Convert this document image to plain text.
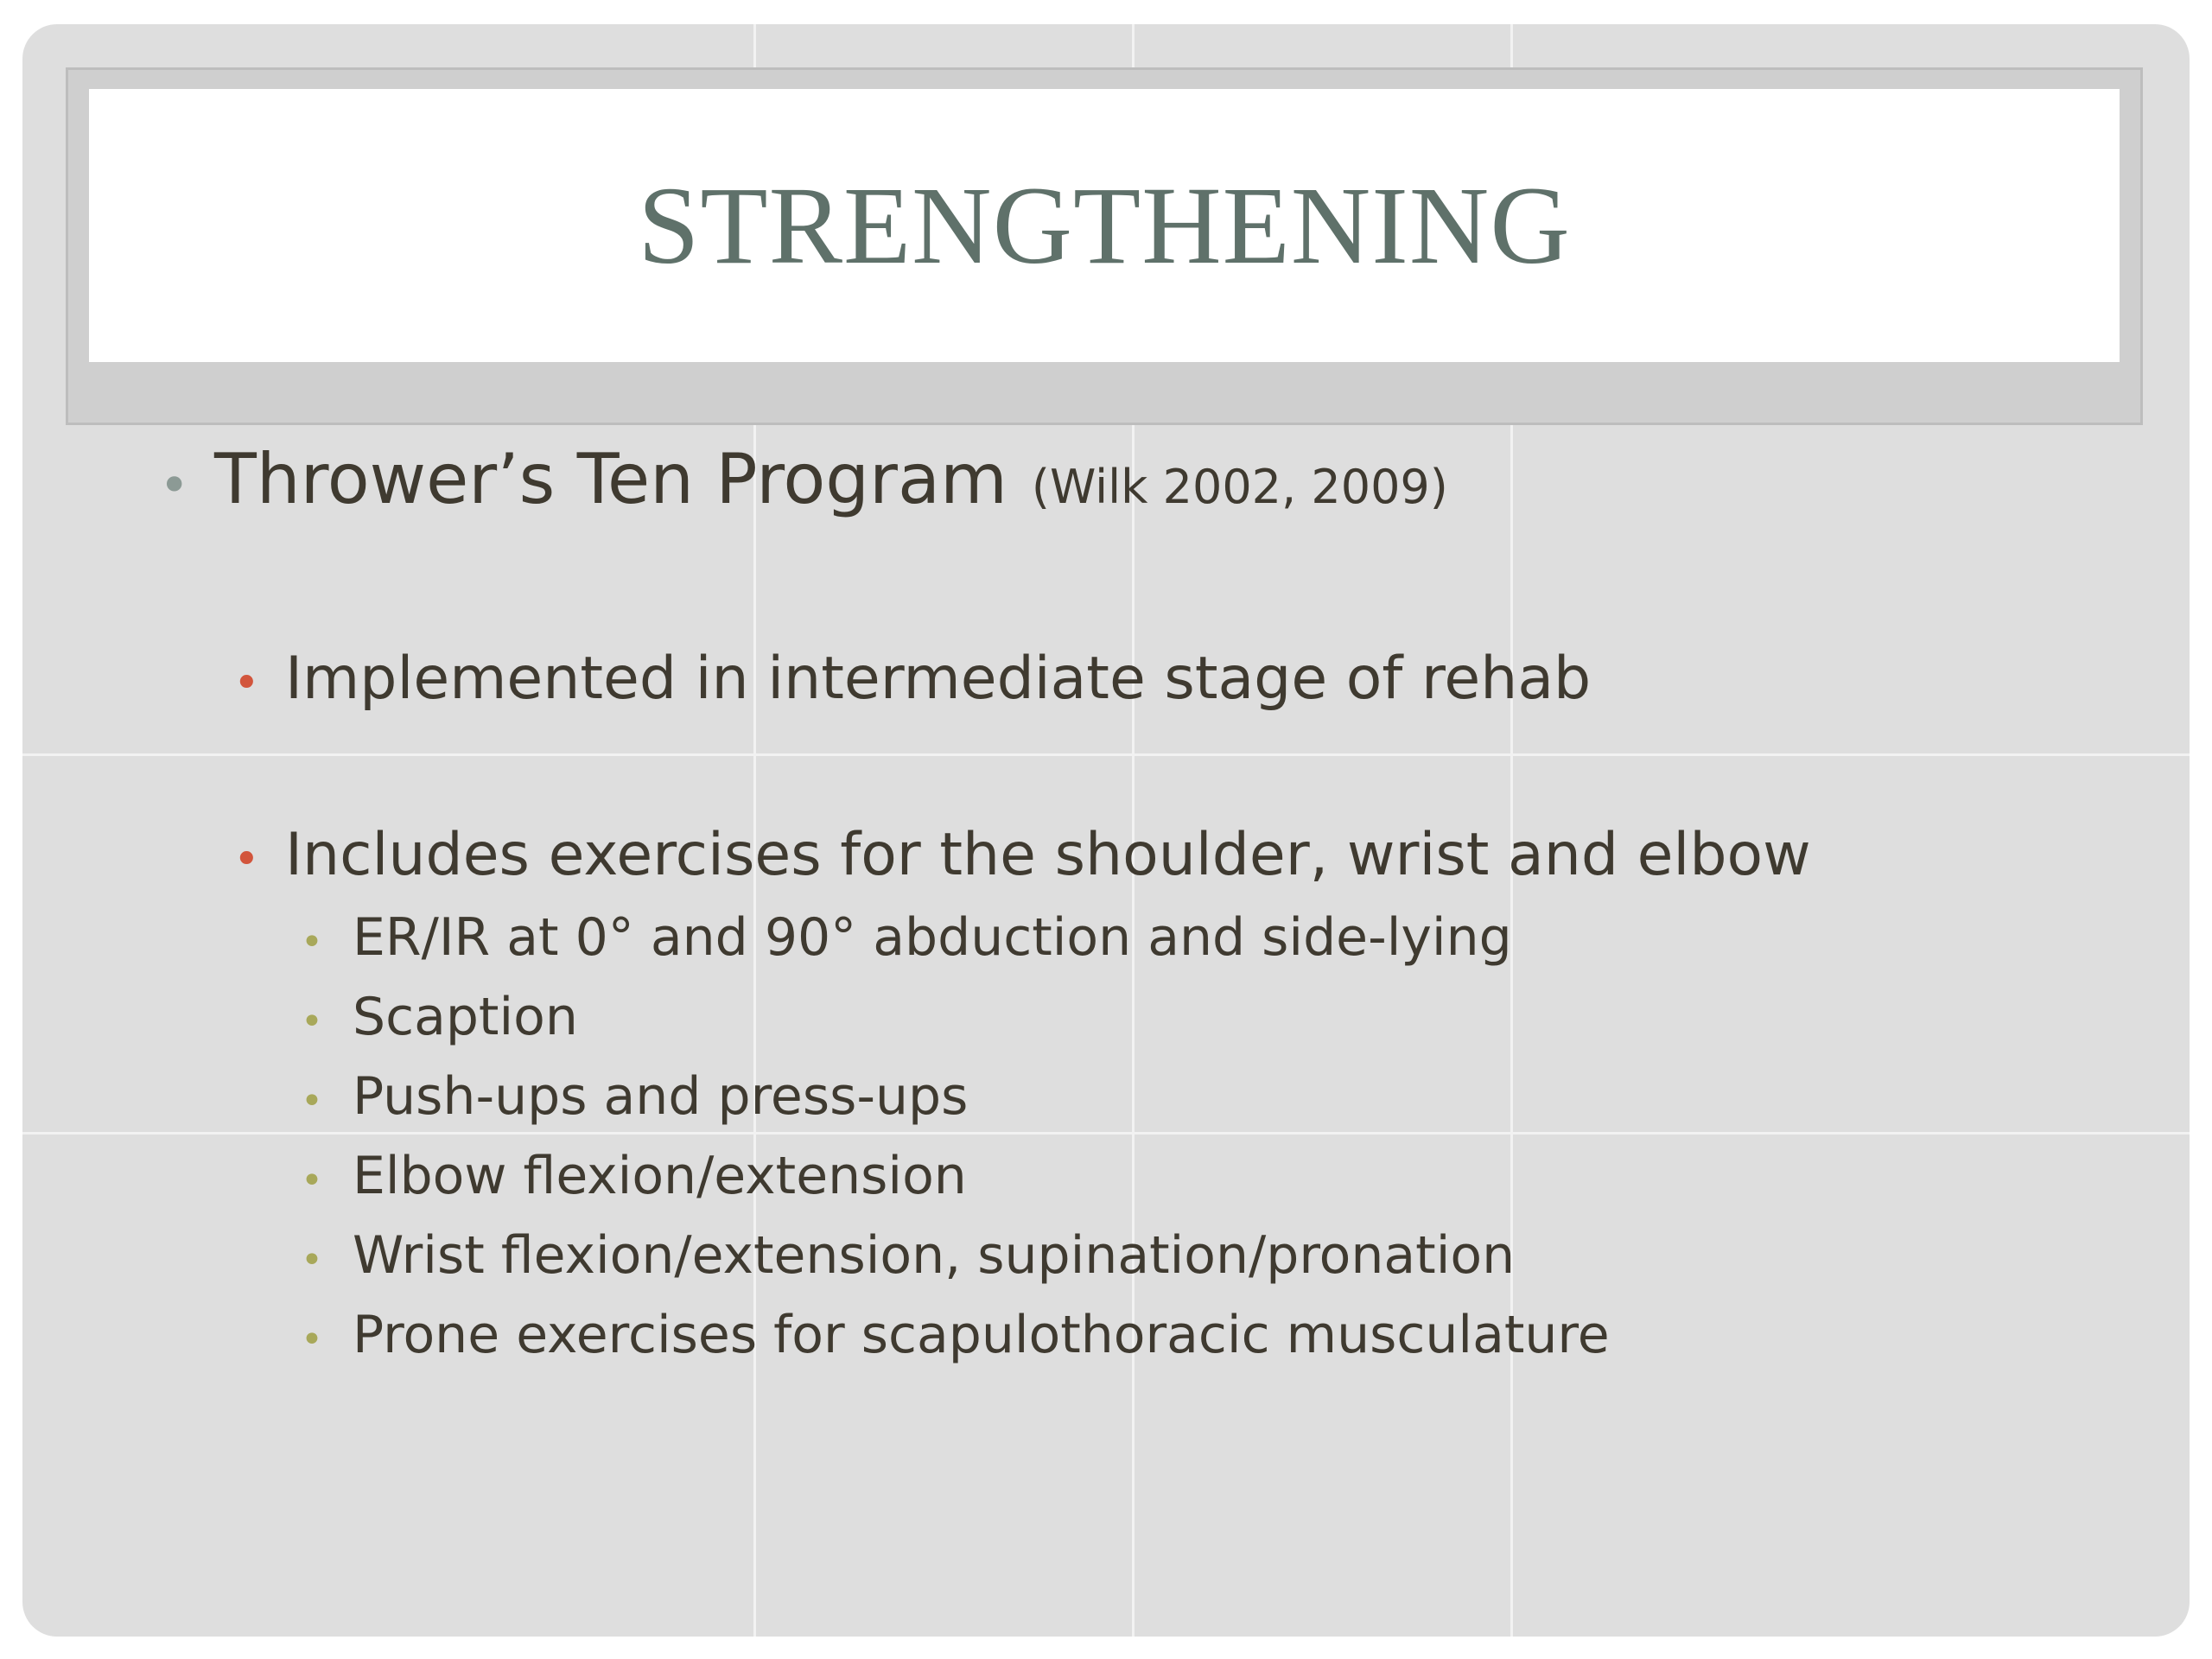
STRENGTHENING
• Thrower’s Ten Program (Wilk 2002, 2009)
• Implemented in intermediate stage of rehab
• Includes exercises for the shoulder, wrist and elbow
• ER/IR at 0° and 90° abduction and side-lying
• Scaption
• Push-ups and press-ups
• Elbow flexion/extension
• Wrist flexion/extension, supination/pronation
• Prone exercises for scapulothoracic musculature
